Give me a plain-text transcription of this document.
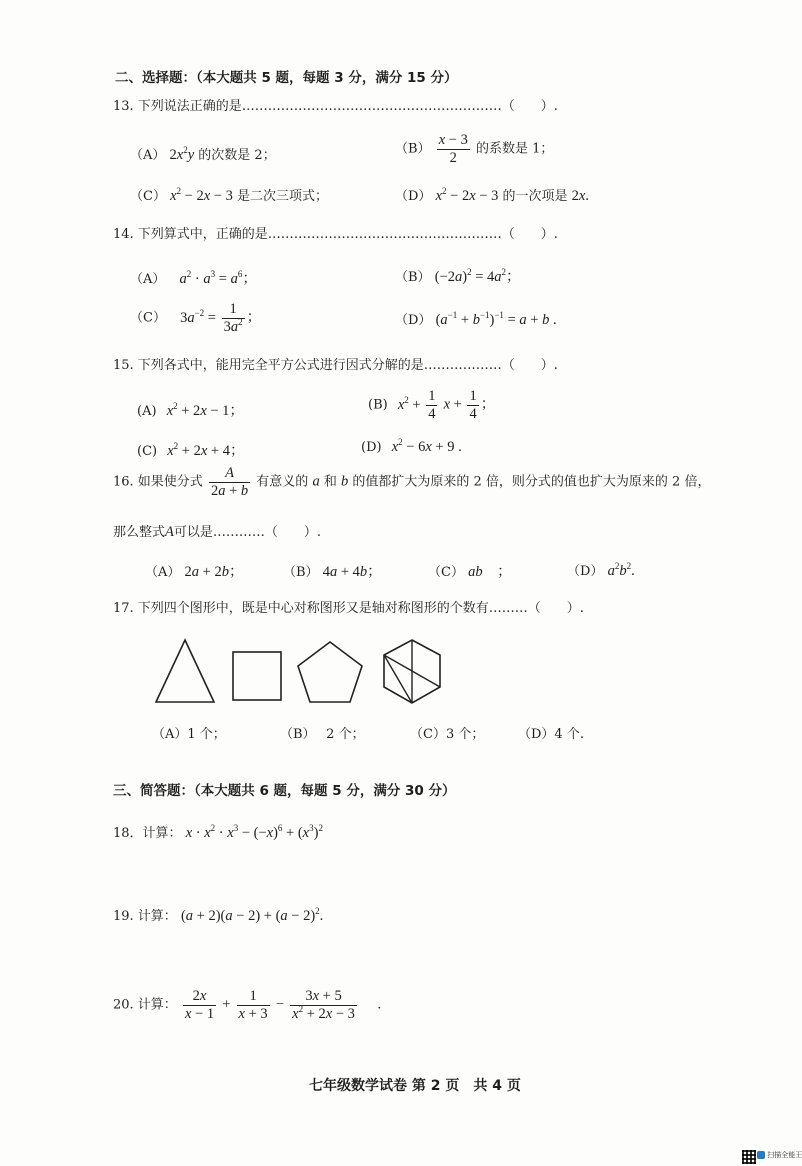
二、选择题：（本大题共 5 题，每题 3 分，满分 15 分）
13. 下列说法正确的是……………………………………………………（　　）.
（A） $2x^2y$ 的次数是 2；	$(B) \frac{x - 3}{2}$ 的系数是 1；
（C） $x^2 - 2x - 3$ 是二次三项式；	（D） $x^2 - 2x - 3$ 的一次项是 2x.
14. 下列算式中，正确的是………………………………………………（　　）.
（A） $a^2 \cdot a^3 = a^6$；	（B） $(-2a)^2 = 4a^2$；
（C） $3a^{-2} = \frac{1}{3a^2}$ ；	（D） $(a^{-1} + b^{-1})^{-1} = a + b$ .
15. 下列各式中，能用完全平方公式进行因式分解的是………………（　　）.
(A) $x^2 + 2x - 1$；	(B) $x^2 + \frac{1}{4}$ $x + \frac{1}{4}$ ；
(C) $x^2 + 2x + 4$；	(D) $x^2 - 6x + 9$ .
16. 如果使分式 $\frac{A}{2a + b}$ 有意义的 a 和 b 的值都扩大为原来的 2 倍，则分式的值也扩大为原来的 2 倍，
那么整式A可以是…………（　　）.
（A） 2a + 2b；	（B） 4a + 4b；	（C） ab　；	（D） $a^2b^2$.
17. 下列四个图形中，既是中心对称图形又是轴对称图形的个数有………（　　）.
（A）1 个；	（B）　 2 个；	（C）3 个；	（D）4 个.
三、简答题：（本大题共 6 题，每题 5 分，满分 30 分）
18．计算： $x \cdot x^2 \cdot x^3 - (-x)^6 + (x^3)^2$
19. 计算： $(a + 2)(a - 2) + (a - 2)^2$.
20. 计算： $\frac{2x}{x - 1} + \frac{1}{x + 3} - \frac{3x + 5}{x^2 + 2x - 3}$ 　.
七年级数学试卷 第 2 页　共 4 页
扫描全能王
